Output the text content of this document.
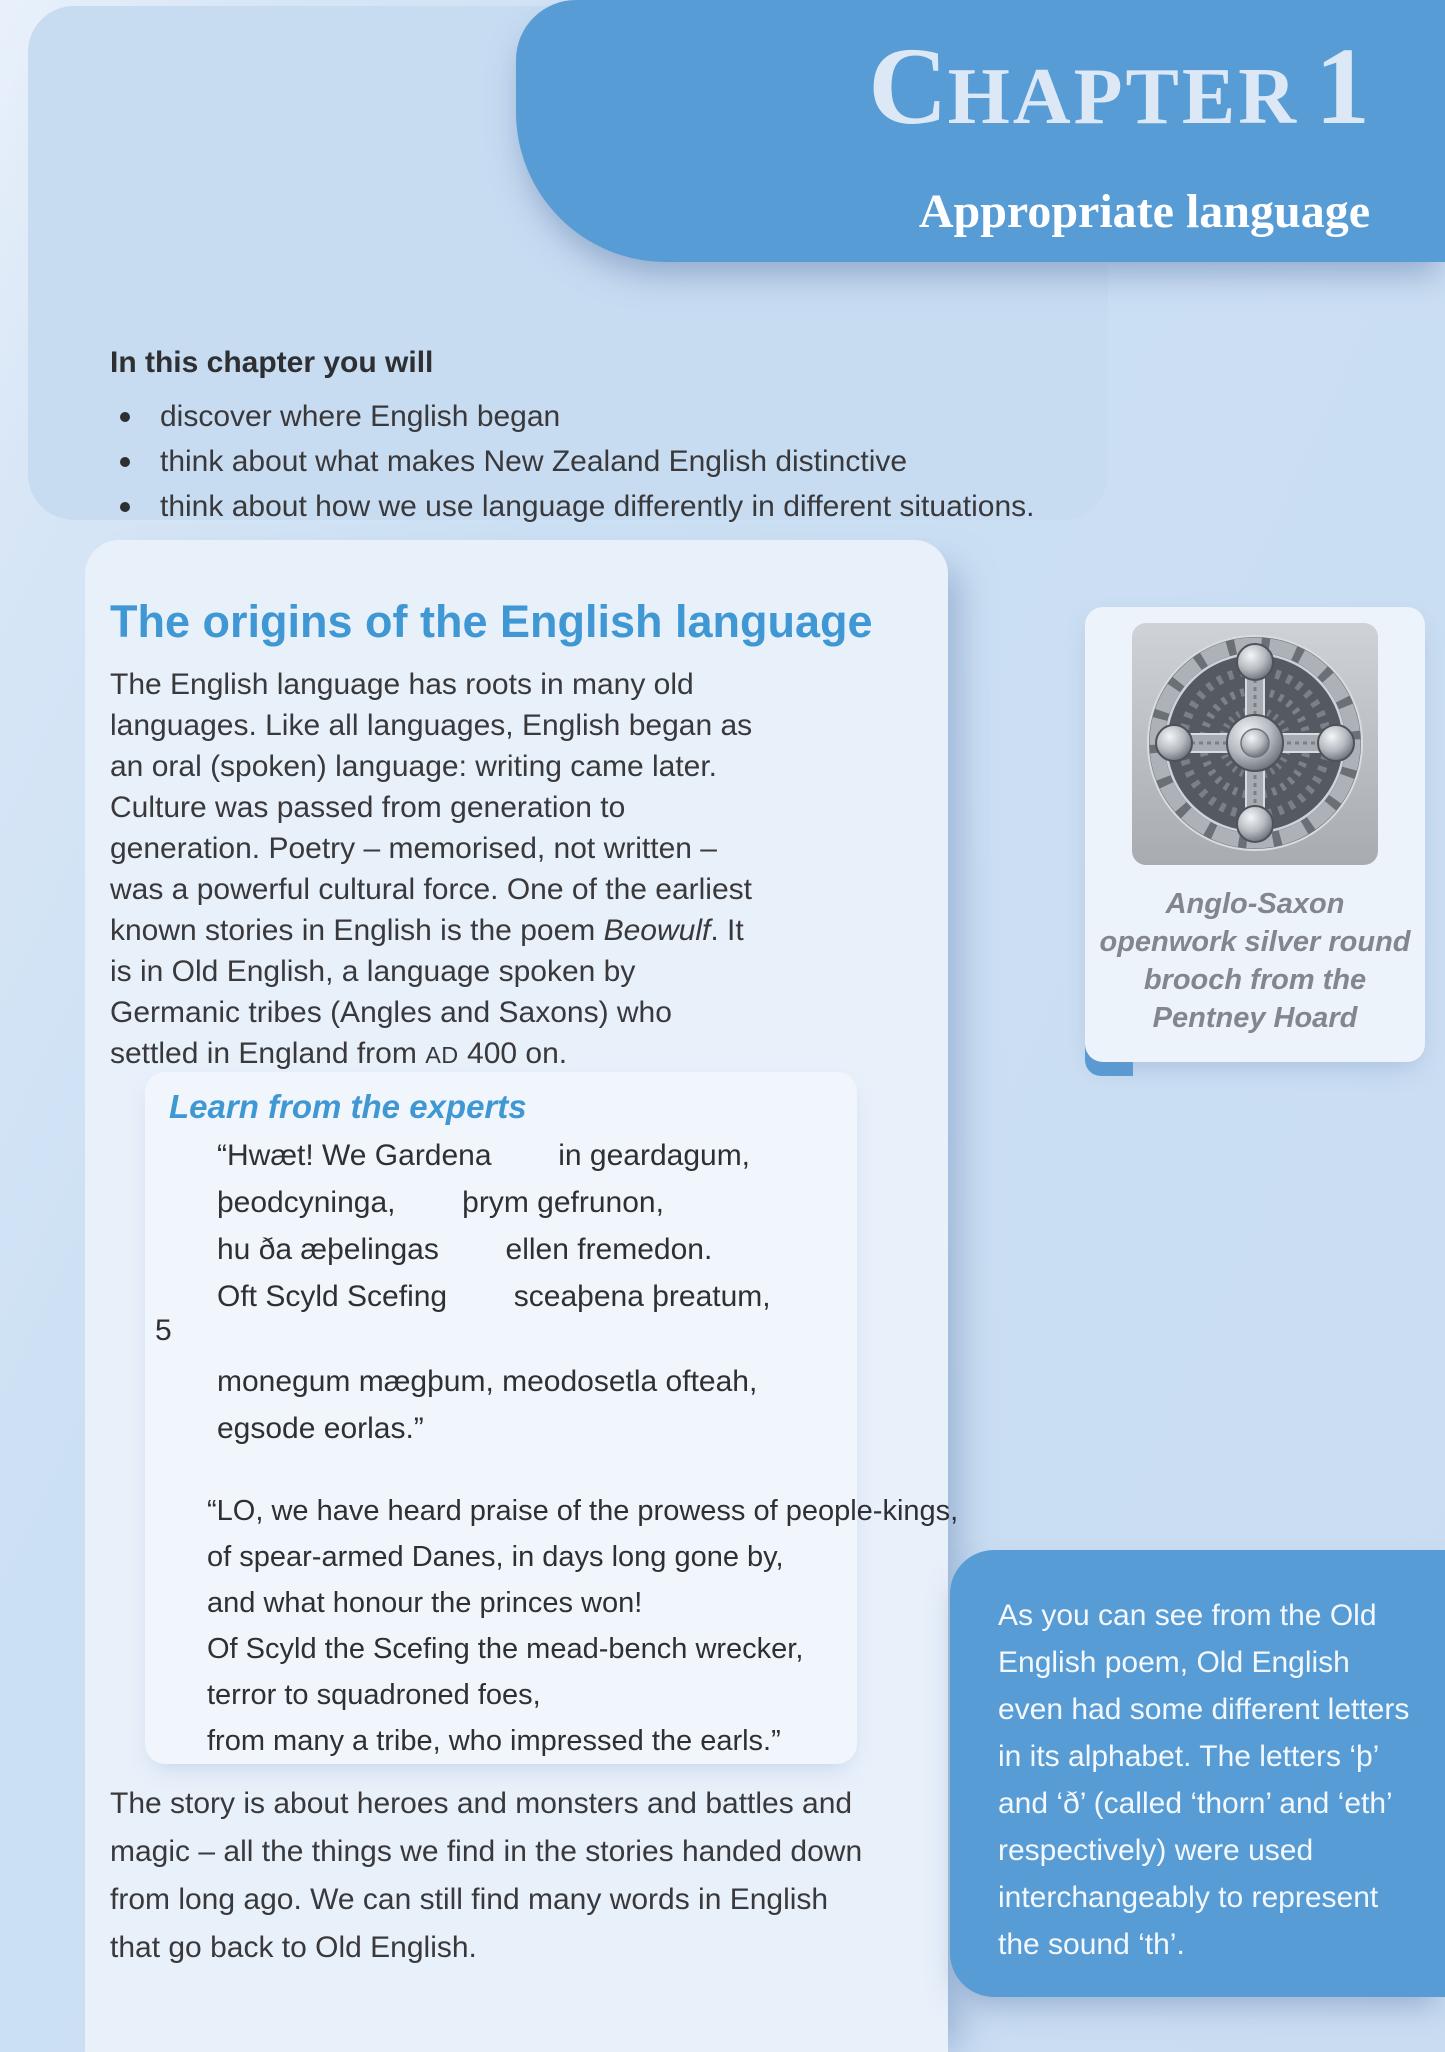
CHAPTER 1
Appropriate language
In this chapter you will
discover where English began
think about what makes New Zealand English distinctive
think about how we use language differently in different situations.
The origins of the English language
The English language has roots in many old languages. Like all languages, English began as an oral (spoken) language: writing came later. Culture was passed from generation to generation. Poetry – memorised, not written – was a powerful cultural force. One of the earliest known stories in English is the poem Beowulf. It is in Old English, a language spoken by Germanic tribes (Angles and Saxons) who settled in England from AD 400 on.
Anglo-Saxon openwork silver round brooch from the Pentney Hoard
Learn from the experts
“Hwæt! We Gardena        in geardagum,
þeodcyninga,        þrym gefrunon,
hu ða æþelingas        ellen fremedon.
Oft Scyld Scefing        sceaþena þreatum,
5
monegum mægþum, meodosetla ofteah,
egsode eorlas.”
“LO, we have heard praise of the prowess of people-kings,
of spear-armed Danes, in days long gone by,
and what honour the princes won!
Of Scyld the Scefing the mead-bench wrecker,
terror to squadroned foes,
from many a tribe, who impressed the earls.”
The story is about heroes and monsters and battles and magic – all the things we find in the stories handed down from long ago. We can still find many words in English that go back to Old English.
As you can see from the Old English poem, Old English even had some different letters in its alphabet. The letters ‘þ’ and ‘ð’ (called ‘thorn’ and ‘eth’ respectively) were used interchangeably to represent the sound ‘th’.
